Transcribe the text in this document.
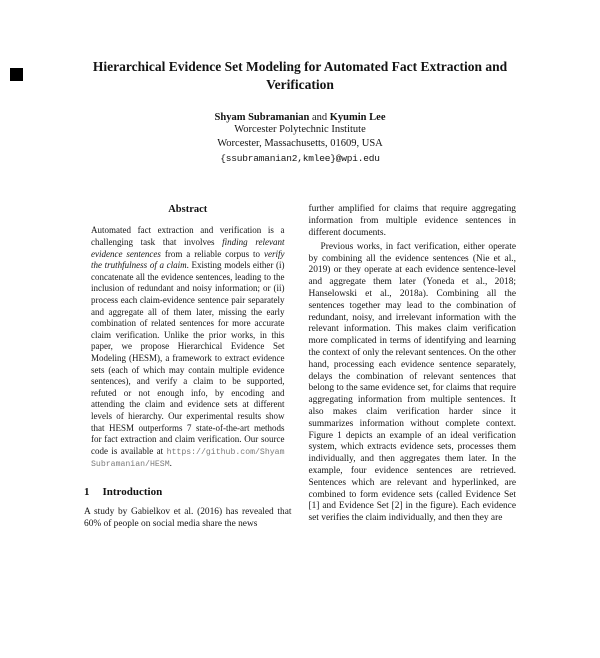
Hierarchical Evidence Set Modeling for Automated Fact Extraction and Verification
Shyam Subramanian and Kyumin Lee
Worcester Polytechnic Institute
Worcester, Massachusetts, 01609, USA
{ssubramanian2,kmlee}@wpi.edu
Abstract
Automated fact extraction and verification is a challenging task that involves finding relevant evidence sentences from a reliable corpus to verify the truthfulness of a claim. Existing models either (i) concatenate all the evidence sentences, leading to the inclusion of redundant and noisy information; or (ii) process each claim-evidence sentence pair separately and aggregate all of them later, missing the early combination of related sentences for more accurate claim verification. Unlike the prior works, in this paper, we propose Hierarchical Evidence Set Modeling (HESM), a framework to extract evidence sets (each of which may contain multiple evidence sentences), and verify a claim to be supported, refuted or not enough info, by encoding and attending the claim and evidence sets at different levels of hierarchy. Our experimental results show that HESM outperforms 7 state-of-the-art methods for fact extraction and claim verification. Our source code is available at https://github.com/ShyamSubramanian/HESM.
1 Introduction

A study by Gabielkov et al. (2016) has revealed that 60% of people on social media share the news

further amplified for claims that require aggregating information from multiple evidence sentences in different documents.

Previous works, in fact verification, either operate by combining all the evidence sentences (Nie et al., 2019) or they operate at each evidence sentence-level and aggregate them later (Yoneda et al., 2018; Hanselowski et al., 2018a). Combining all the sentences together may lead to the combination of redundant, noisy, and irrelevant information with the relevant information. This makes claim verification more complicated in terms of identifying and learning the context of only the relevant sentences. On the other hand, processing each evidence sentence separately, delays the combination of relevant sentences that belong to the same evidence set, for claims that require aggregating information from multiple sentences. It also makes claim verification harder since it summarizes information without complete context. Figure 1 depicts an example of an ideal verification system, which extracts evidence sets, processes them individually, and then aggregates them later. In the example, four evidence sentences are retrieved. Sentences which are relevant and hyperlinked, are combined to form evidence sets (called Evidence Set [1] and Evidence Set [2] in the figure). Each evidence set verifies the claim individually, and then they are
